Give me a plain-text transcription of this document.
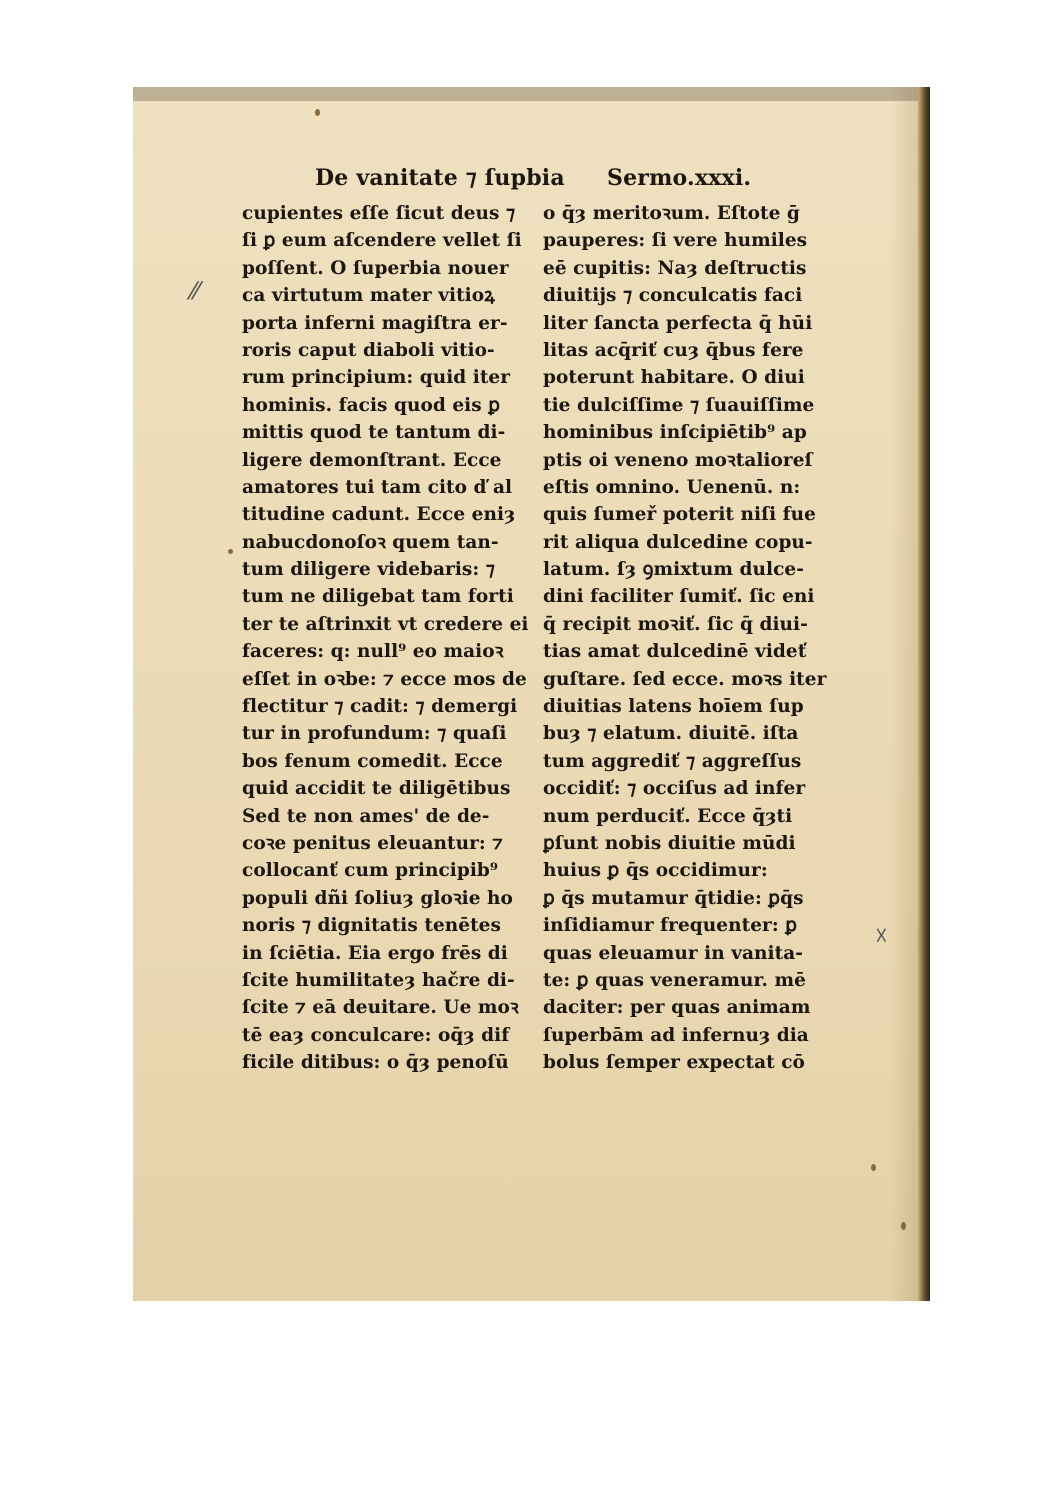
De vanitate ⁊ ſupbia Sermo.xxxi.
cupientes eſſe ſicut deus ⁊
ſi ꝑ eum aſcendere vellet ſi
poſſent. O ſuperbia nouer
ca virtutum mater vitioꝝ
porta inferni magiſtra er-
roris caput diaboli vitio-
rum principium: quid iter
hominis. facis quod eis ꝑ
mittis quod te tantum di-
ligere demonſtrant. Ecce
amatores tui tam cito ď al
titudine cadunt. Ecce eniȝ
nabucdonoſoꝛ quem tan-
tum diligere videbaris: ⁊
tum ne diligebat tam forti
ter te aſtrinxit vt credere ei
faceres: q: null⁹ eo maioꝛ
eſſet in oꝛbe: ⁊ ecce mos de
flectitur ⁊ cadit: ⁊ demergi
tur in profundum: ⁊ quaſi
bos fenum comedit. Ecce
quid accidit te diligētibus
Sed te non ames' de de-
coꝛe penitus eleuantur: ⁊
collocanť cum principib⁹
populi dñi ſoliuȝ gloꝛie ho
noris ⁊ dignitatis tenētes
in ſciētia. Eia ergo frēs di
ſcite humilitateȝ hačre di-
ſcite ⁊ eā deuitare. Ue moꝛ
tē eaȝ conculcare: oq̄ȝ dif
ficile ditibus: o q̄ȝ penoſū
o q̄ȝ meritoꝛum. Eſtote ḡ
pauperes: ſi vere humiles
eē cupitis: Naȝ deſtructis
diuitijs ⁊ conculcatis faci
liter ſancta perfecta q̄ hūi
litas acq̄riť cuȝ q̄bus fere
poterunt habitare. O diui
tie dulciſſime ⁊ ſuauiſſime
hominibus inſcipiētib⁹ ap
ptis oi veneno moꝛtalioreſ
eſtis omnino. Uenenū. n:
quis ſumeř poterit niſi fue
rit aliqua dulcedine copu-
latum. ſȝ ꝯmixtum dulce-
dini faciliter ſumiť. ſic eni
q̄ recipit moꝛiť. ſic q̄ diui-
tias amat dulcedinē videť
guſtare. ſed ecce. moꝛs iter
diuitias latens hoīem ſup
buȝ ⁊ elatum. diuitē. iſta
tum aggrediť ⁊ aggreſſus
occidiť: ⁊ occiſus ad infer
num perduciť. Ecce q̄ȝti
ꝑſunt nobis diuitie mūdi
huius ꝑ q̄s occidimur:
ꝑ q̄s mutamur q̄tidie: ꝑq̄s
inſidiamur frequenter: ꝑ
quas eleuamur in vanita-
te: ꝑ quas veneramur. mē
daciter: per quas animam
ſuperbām ad infernuȝ dia
bolus ſemper expectat cō
⁄⁄
☓
